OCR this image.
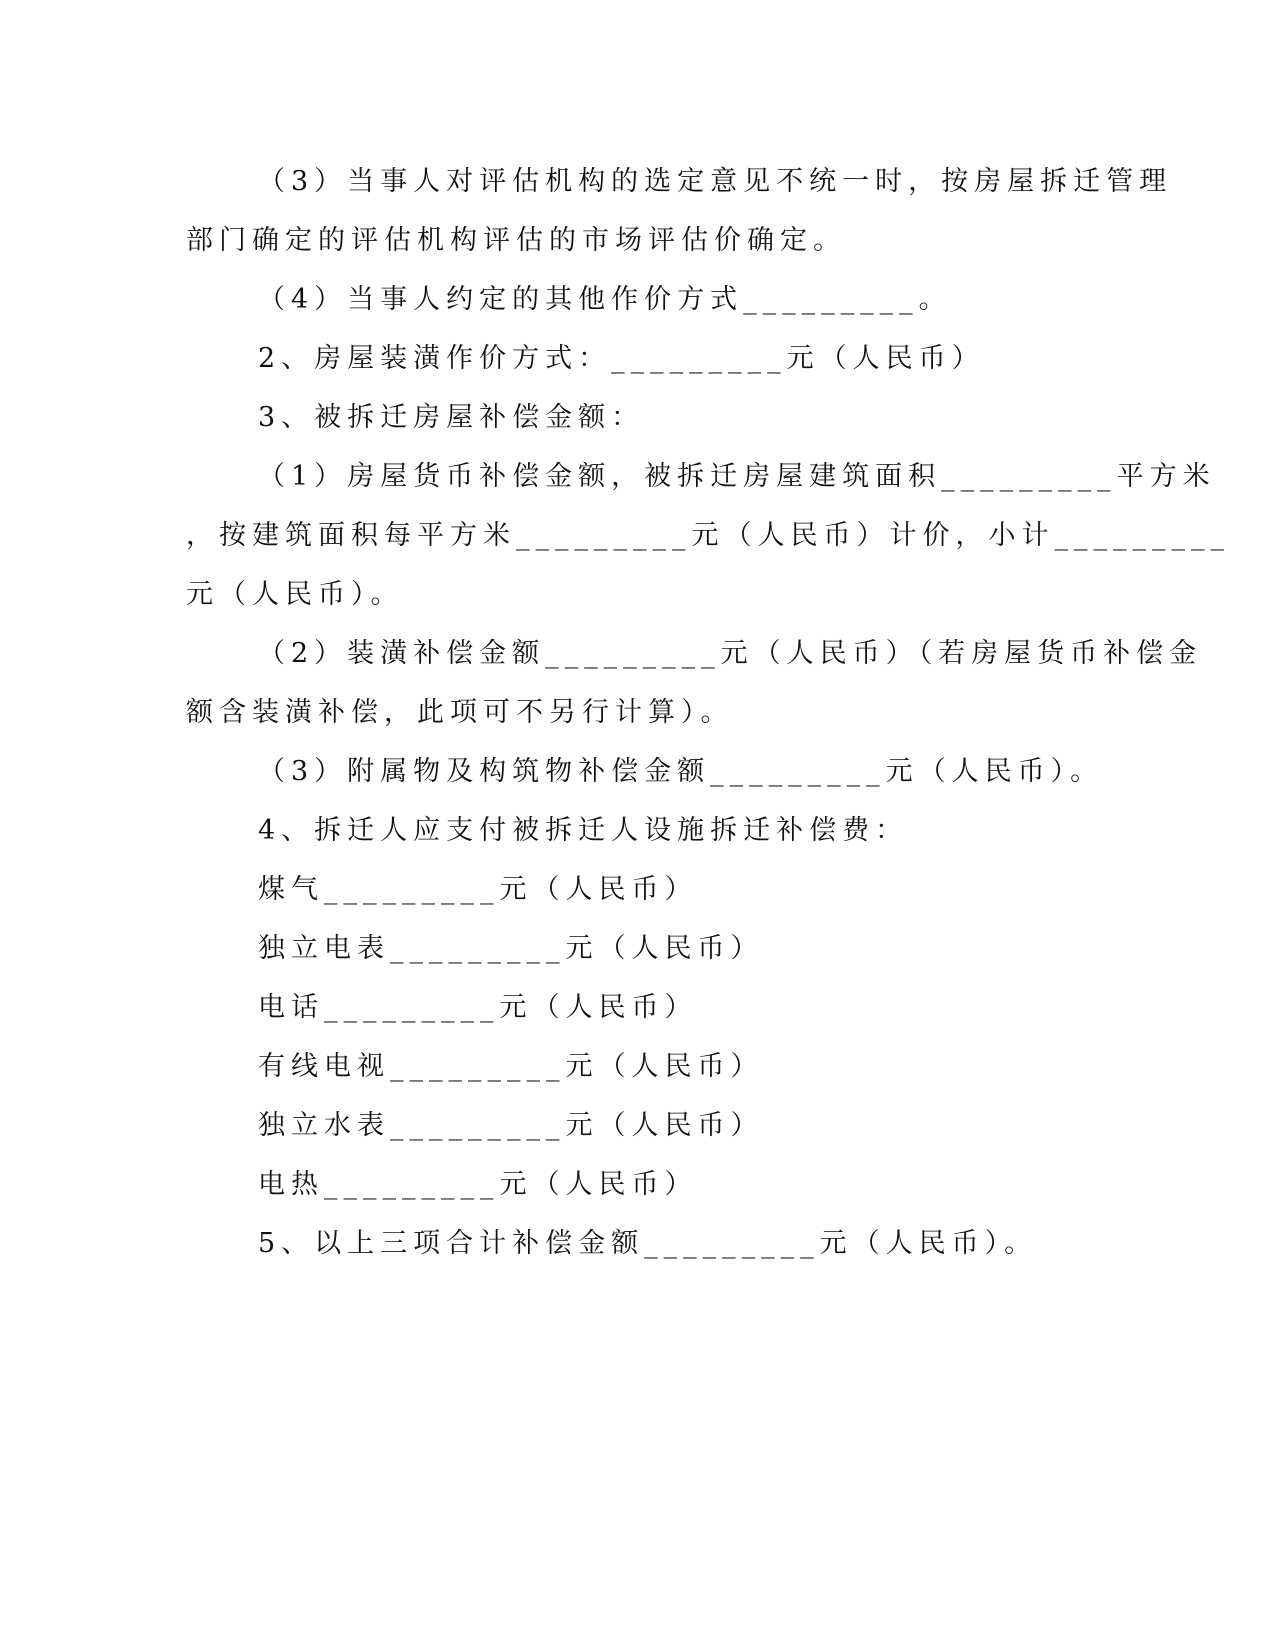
（3）当事人对评估机构的选定意见不统一时，按房屋拆迁管理

部门确定的评估机构评估的市场评估价确定。

（4）当事人约定的其他作价方式_________。

2、房屋装潢作价方式：_________元（人民币）

3、被拆迁房屋补偿金额：

（1）房屋货币补偿金额，被拆迁房屋建筑面积_________平方米

，按建筑面积每平方米_________元（人民币）计价，小计_________

元（人民币）。

（2）装潢补偿金额_________元（人民币）（若房屋货币补偿金

额含装潢补偿，此项可不另行计算）。

（3）附属物及构筑物补偿金额_________元（人民币）。

4、拆迁人应支付被拆迁人设施拆迁补偿费：

煤气_________元（人民币）

独立电表_________元（人民币）

电话_________元（人民币）

有线电视_________元（人民币）

独立水表_________元（人民币）

电热_________元（人民币）

5、以上三项合计补偿金额_________元（人民币）。
